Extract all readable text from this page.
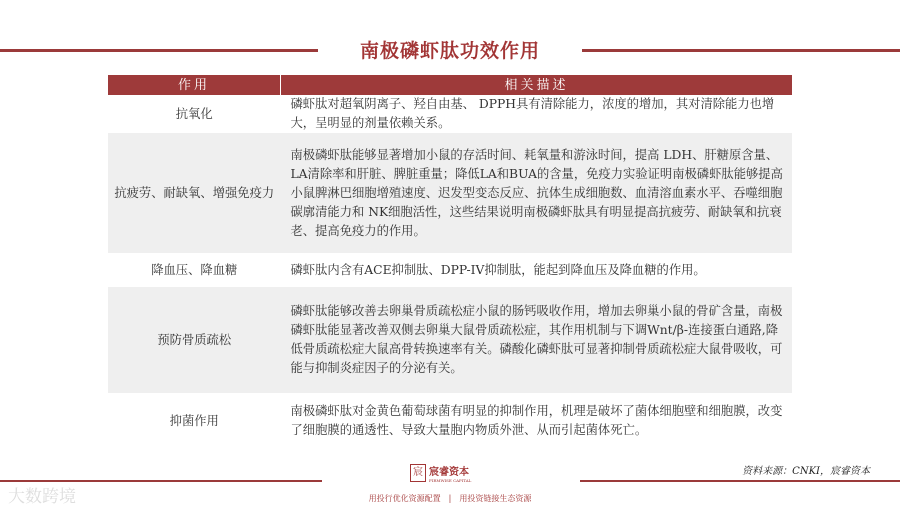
南极磷虾肽功效作用
作用	相关描述
抗氧化	磷虾肽对超氧阴离子、羟自由基、 DPPH具有清除能力，浓度的增加，其对清除能力也增大，呈明显的剂量依赖关系。
抗疲劳、耐缺氧、增强免疫力	南极磷虾肽能够显著增加小鼠的存活时间、耗氧量和游泳时间，提高 LDH、肝糖原含量、LA清除率和肝脏、脾脏重量；降低LA和BUA的含量，免疫力实验证明南极磷虾肽能够提高小鼠脾淋巴细胞增殖速度、迟发型变态反应、抗体生成细胞数、血清溶血素水平、吞噬细胞碳廓清能力和 NK细胞活性，这些结果说明南极磷虾肽具有明显提高抗疲劳、耐缺氧和抗衰老、提高免疫力的作用。
降血压、降血糖	磷虾肽内含有ACE抑制肽、DPP-IV抑制肽，能起到降血压及降血糖的作用。
预防骨质疏松	磷虾肽能够改善去卵巢骨质疏松症小鼠的肠钙吸收作用，增加去卵巢小鼠的骨矿含量，南极磷虾肽能显著改善双侧去卵巢大鼠骨质疏松症，其作用机制与下调Wnt/β-连接蛋白通路,降低骨质疏松症大鼠高骨转换速率有关。磷酸化磷虾肽可显著抑制骨质疏松症大鼠骨吸收，可能与抑制炎症因子的分泌有关。
抑菌作用	南极磷虾肽对金黄色葡萄球菌有明显的抑制作用，机理是破坏了菌体细胞壁和细胞膜，改变了细胞膜的通透性、导致大量胞内物质外泄、从而引起菌体死亡。
资料来源：CNKI，宸睿资本
宸 宸睿资本
FIRMWISE CAPITAL
用投行优化资源配置　|　用投资链接生态资源
大数跨境
